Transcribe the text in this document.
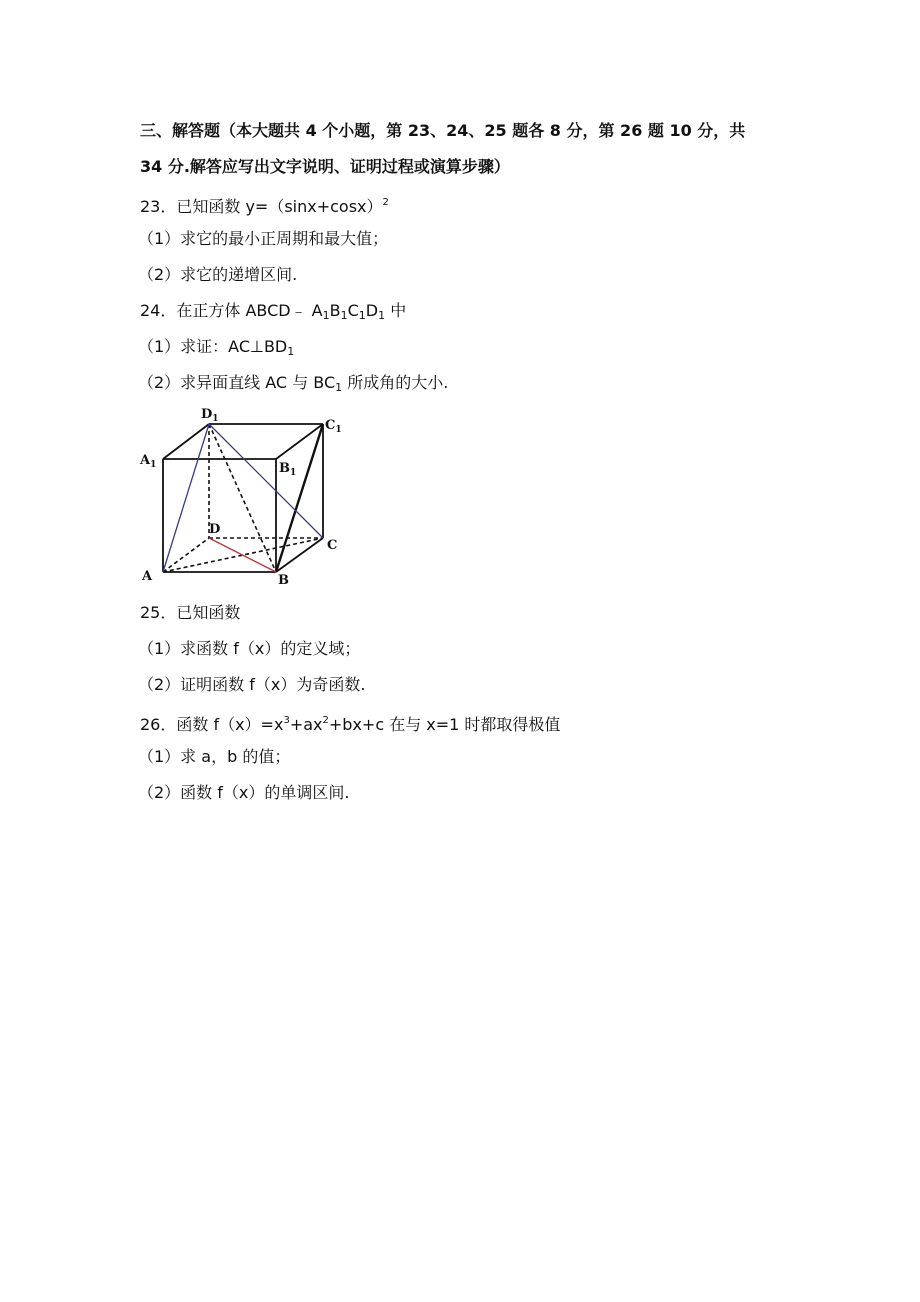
三、解答题（本大题共 4 个小题，第 23、24、25 题各 8 分，第 26 题 10 分，共
34 分.解答应写出文字说明、证明过程或演算步骤）
23．已知函数 $y=(\sin x+\cos x)^2$
（1）求它的最小正周期和最大值；
（2）求它的递增区间.
24．在正方体 ABCD﹣ $A_1B_1C_1D_1$ 中
（1）求证：$AC\perp BD_1$
（2）求异面直线 AC 与 $BC_1$ 所成角的大小.
$D_1$	$C_1$
$A_1$	$B_1$
D
C
A	B
25．已知函数
（1）求函数 f（x）的定义域；
（2）证明函数 f（x）为奇函数.
26．函数 $f(x)=x^3+ax^2+bx+c$ 在与 x=1 时都取得极值
（1）求 a，b 的值；
（2）函数 f（x）的单调区间.
